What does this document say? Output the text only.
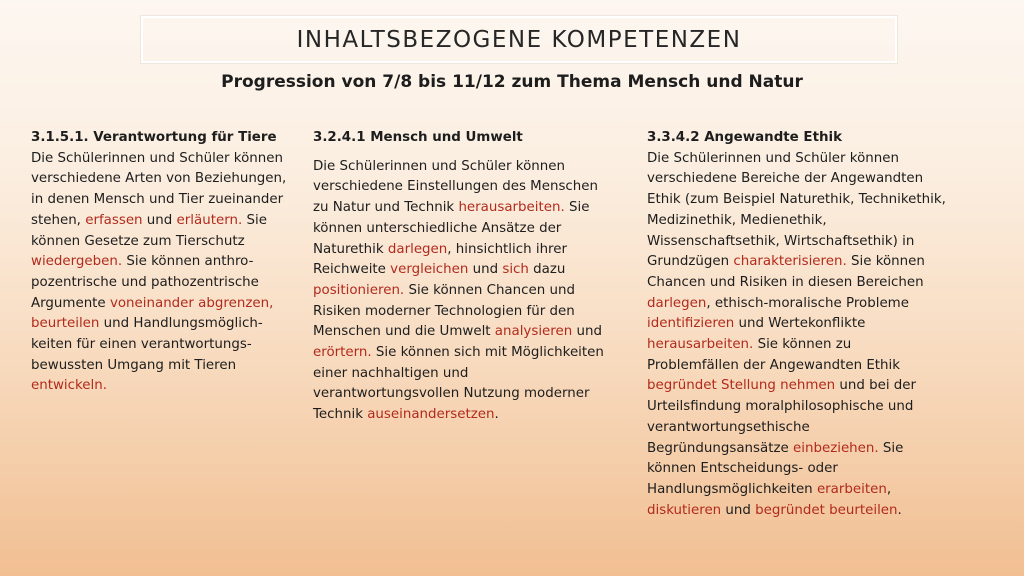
INHALTSBEZOGENE KOMPETENZEN
Progression von 7/8 bis 11/12 zum Thema Mensch und Natur
3.1.5.1. Verantwortung für Tiere

Die Schülerinnen und Schüler können verschiedene Arten von Beziehungen, in denen Mensch und Tier zueinander stehen, erfassen und erläutern. Sie können Gesetze zum Tierschutz wiedergeben. Sie können anthro-pozentrische und pathozentrische Argumente voneinander abgrenzen, beurteilen und Handlungsmöglich-keiten für einen verantwortungs-bewussten Umgang mit Tieren entwickeln.

3.2.4.1 Mensch und Umwelt

Die Schülerinnen und Schüler können verschiedene Einstellungen des Menschen zu Natur und Technik herausarbeiten. Sie können unterschiedliche Ansätze der Naturethik darlegen, hinsichtlich ihrer Reichweite vergleichen und sich dazu positionieren. Sie können Chancen und Risiken moderner Technologien für den Menschen und die Umwelt analysieren und erörtern. Sie können sich mit Möglichkeiten einer nachhaltigen und verantwortungsvollen Nutzung moderner Technik auseinandersetzen.

3.3.4.2 Angewandte Ethik

Die Schülerinnen und Schüler können verschiedene Bereiche der Angewandten Ethik (zum Beispiel Naturethik, Technikethik, Medizinethik, Medienethik, Wissenschaftsethik, Wirtschaftsethik) in Grundzügen charakterisieren. Sie können Chancen und Risiken in diesen Bereichen darlegen, ethisch-moralische Probleme identifizieren und Wertekonflikte herausarbeiten. Sie können zu Problemfällen der Angewandten Ethik begründet Stellung nehmen und bei der Urteilsfindung moralphilosophische und verantwortungsethische Begründungsansätze einbeziehen. Sie können Entscheidungs- oder Handlungsmöglichkeiten erarbeiten, diskutieren und begründet beurteilen.
